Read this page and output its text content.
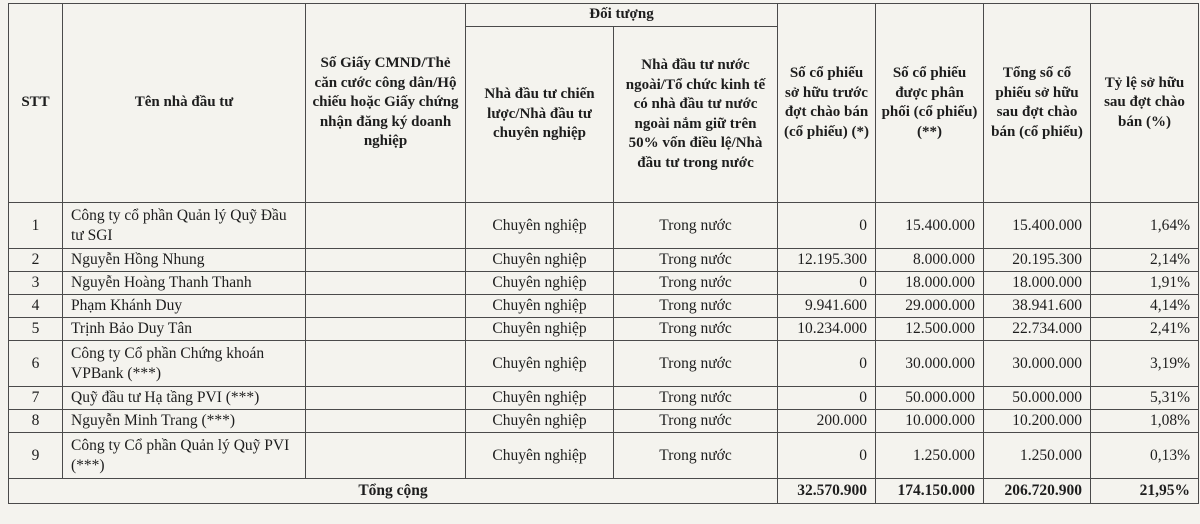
STT	Tên nhà đầu tư	Số Giấy CMND/Thẻ căn cước công dân/Hộ chiếu hoặc Giấy chứng nhận đăng ký doanh nghiệp	Đối tượng		Số cổ phiếu sở hữu trước đợt chào bán (cổ phiếu) (*)	Số cổ phiếu được phân phối (cổ phiếu) (**)	Tổng số cổ phiếu sở hữu sau đợt chào bán (cổ phiếu)	Tỷ lệ sở hữu sau đợt chào bán (%)
			Nhà đầu tư chiến lược/Nhà đầu tư chuyên nghiệp	Nhà đầu tư nước ngoài/Tổ chức kinh tế có nhà đầu tư nước ngoài nắm giữ trên 50% vốn điều lệ/Nhà đầu tư trong nước				
1	Công ty cổ phần Quản lý Quỹ Đầu tư SGI		Chuyên nghiệp	Trong nước	0	15.400.000	15.400.000	1,64%
2	Nguyễn Hồng Nhung		Chuyên nghiệp	Trong nước	12.195.300	8.000.000	20.195.300	2,14%
3	Nguyễn Hoàng Thanh Thanh		Chuyên nghiệp	Trong nước	0	18.000.000	18.000.000	1,91%
4	Phạm Khánh Duy		Chuyên nghiệp	Trong nước	9.941.600	29.000.000	38.941.600	4,14%
5	Trịnh Bảo Duy Tân		Chuyên nghiệp	Trong nước	10.234.000	12.500.000	22.734.000	2,41%
6	Công ty Cổ phần Chứng khoán VPBank (***)		Chuyên nghiệp	Trong nước	0	30.000.000	30.000.000	3,19%
7	Quỹ đầu tư Hạ tầng PVI (***)		Chuyên nghiệp	Trong nước	0	50.000.000	50.000.000	5,31%
8	Nguyễn Minh Trang (***)		Chuyên nghiệp	Trong nước	200.000	10.000.000	10.200.000	1,08%
9	Công ty Cổ phần Quản lý Quỹ PVI (***)		Chuyên nghiệp	Trong nước	0	1.250.000	1.250.000	0,13%
Tổng cộng					32.570.900	174.150.000	206.720.900	21,95%
